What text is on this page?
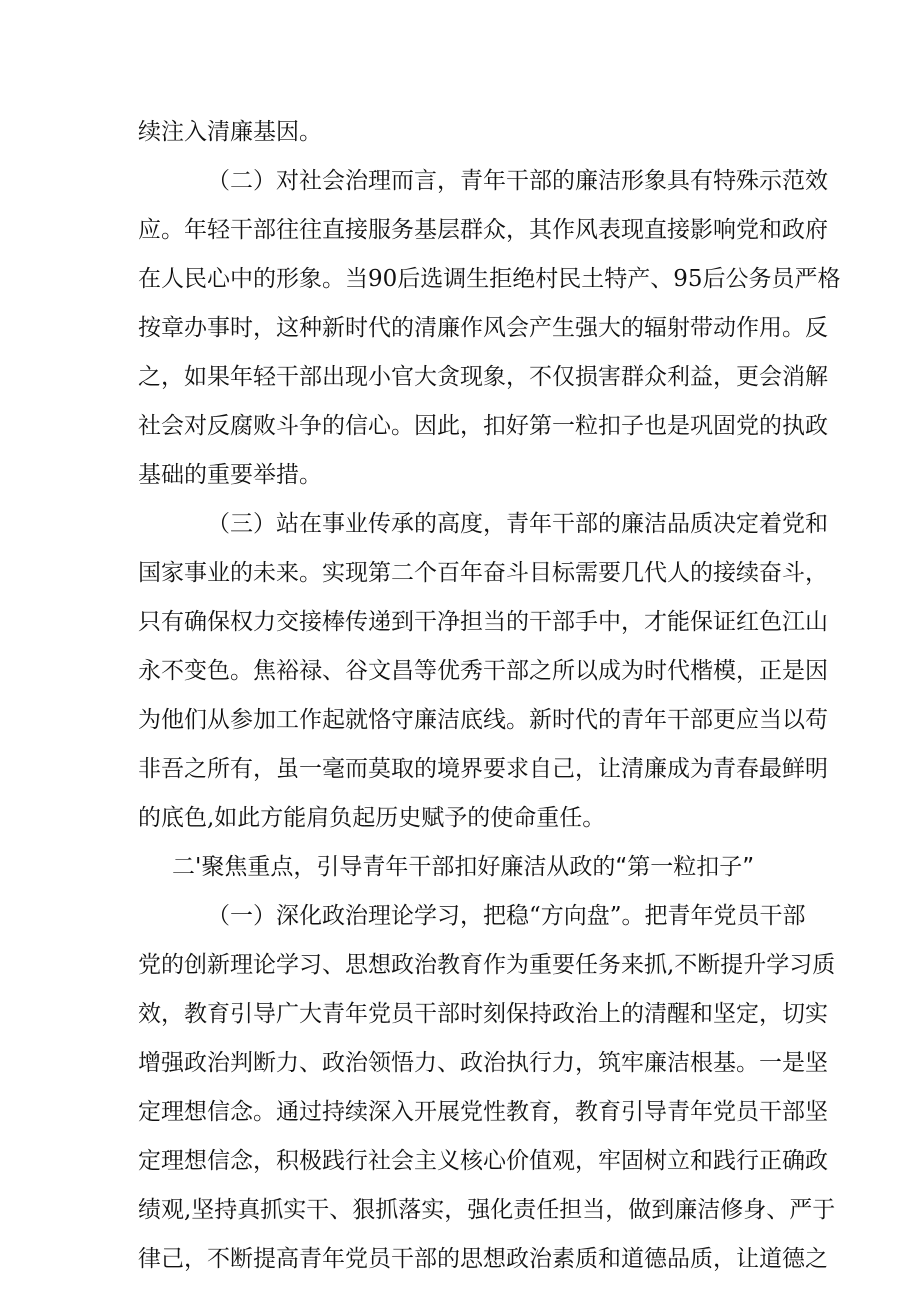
续注入清廉基因。
（二）对社会治理而言，青年干部的廉洁形象具有特殊示范效
应。年轻干部往往直接服务基层群众，其作风表现直接影响党和政府
在人民心中的形象。当90后选调生拒绝村民土特产、95后公务员严格
按章办事时，这种新时代的清廉作风会产生强大的辐射带动作用。反
之，如果年轻干部出现小官大贪现象，不仅损害群众利益，更会消解
社会对反腐败斗争的信心。因此，扣好第一粒扣子也是巩固党的执政
基础的重要举措。
（三）站在事业传承的高度，青年干部的廉洁品质决定着党和
国家事业的未来。实现第二个百年奋斗目标需要几代人的接续奋斗，
只有确保权力交接棒传递到干净担当的干部手中，才能保证红色江山
永不变色。焦裕禄、谷文昌等优秀干部之所以成为时代楷模，正是因
为他们从参加工作起就恪守廉洁底线。新时代的青年干部更应当以苟
非吾之所有，虽一毫而莫取的境界要求自己，让清廉成为青春最鲜明
的底色,如此方能肩负起历史赋予的使命重任。
二'聚焦重点，引导青年干部扣好廉洁从政的“第一粒扣子”
（一）深化政治理论学习，把稳“方向盘”。把青年党员干部
党的创新理论学习、思想政治教育作为重要任务来抓,不断提升学习质
效，教育引导广大青年党员干部时刻保持政治上的清醒和坚定，切实
增强政治判断力、政治领悟力、政治执行力，筑牢廉洁根基。一是坚
定理想信念。通过持续深入开展党性教育，教育引导青年党员干部坚
定理想信念，积极践行社会主义核心价值观，牢固树立和践行正确政
绩观,坚持真抓实干、狠抓落实，强化责任担当，做到廉洁修身、严于
律己，不断提高青年党员干部的思想政治素质和道德品质，让道德之
